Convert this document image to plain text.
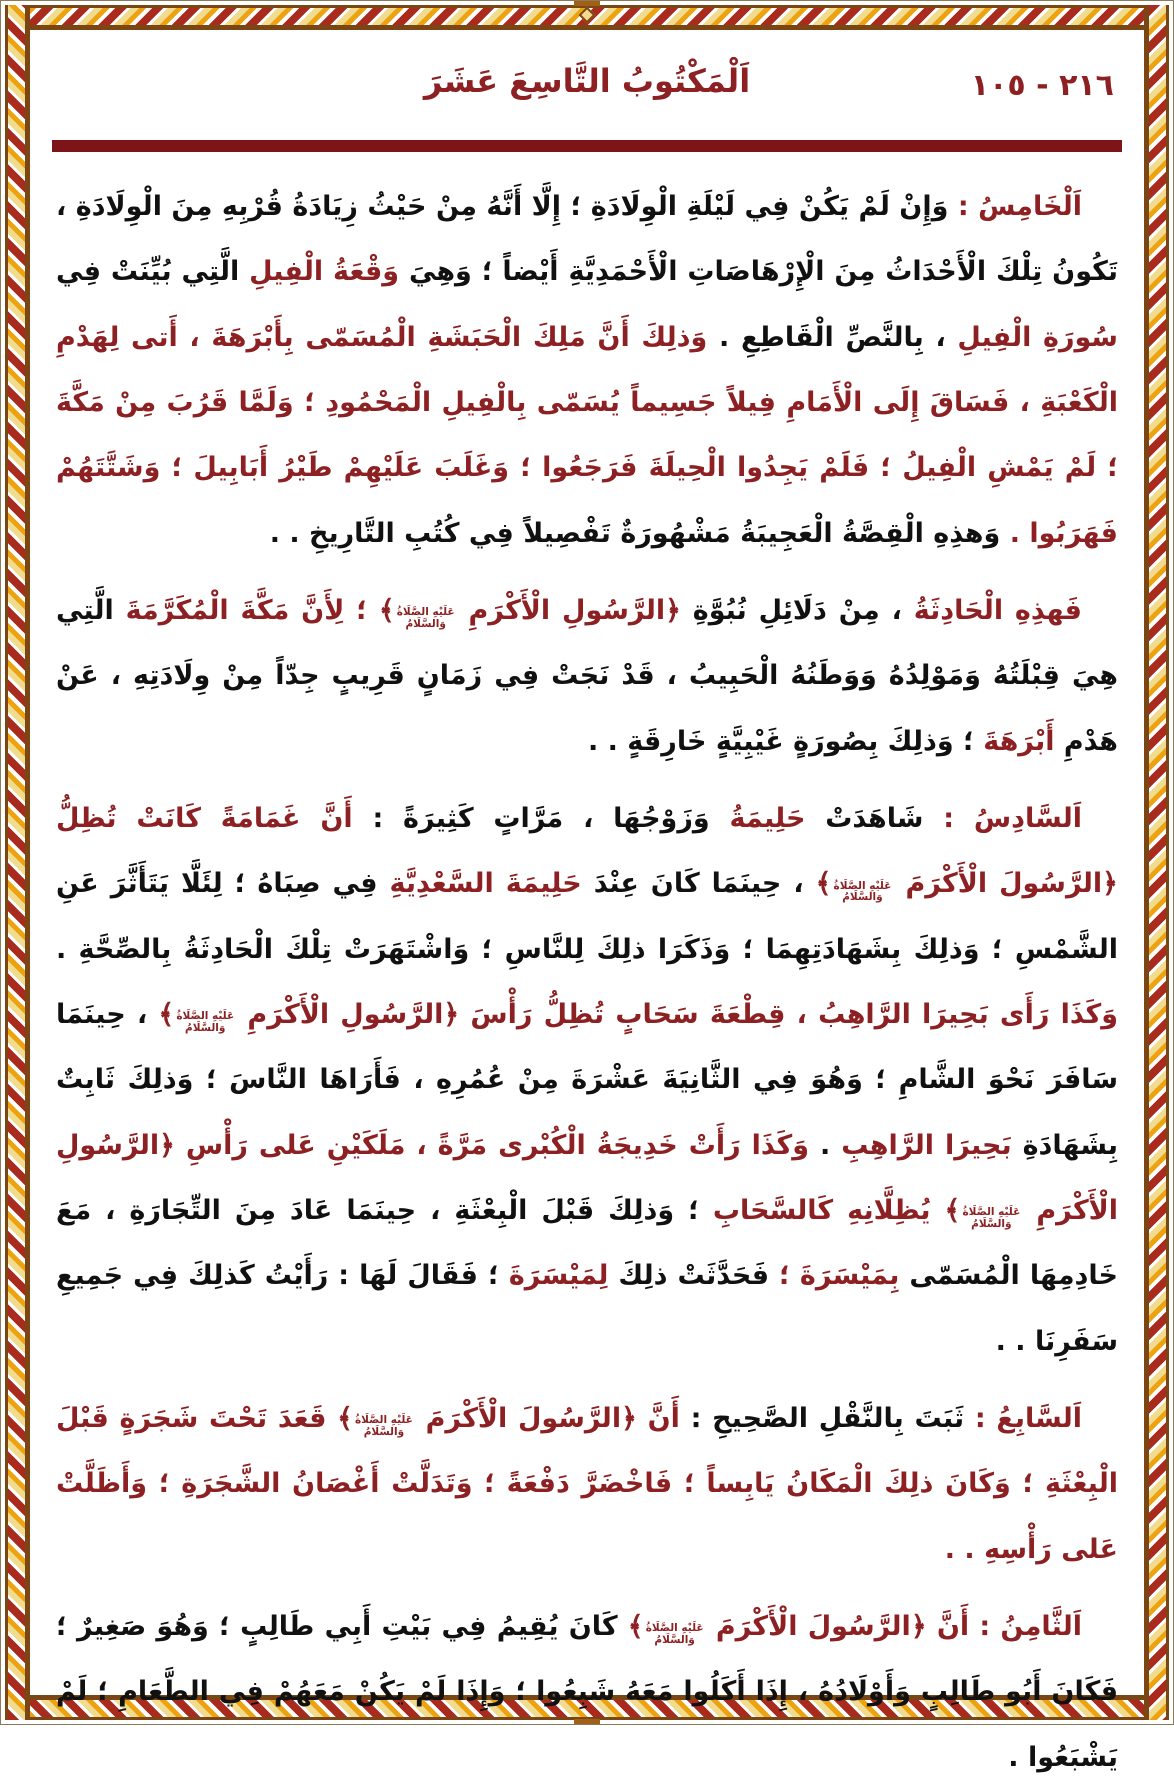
٢١٦ - ١٠٥
اَلْمَكْتُوبُ التَّاسِعَ عَشَرَ

اَلْخَامِسُ : وَإِنْ لَمْ يَكُنْ فِي لَيْلَةِ الْوِلَادَةِ ؛ إِلَّا أَنَّهُ مِنْ حَيْثُ زِيَادَةُ قُرْبِهِ مِنَ الْوِلَادَةِ ، تَكُونُ تِلْكَ الْأَحْدَاثُ مِنَ الْإِرْهَاصَاتِ الْأَحْمَدِيَّةِ أَيْضاً ؛ وَهِيَ وَقْعَةُ الْفِيلِ الَّتِي بُيِّنَتْ فِي سُورَةِ الْفِيلِ ، بِالنَّصِّ الْقَاطِعِ . وَذلِكَ أَنَّ مَلِكَ الْحَبَشَةِ الْمُسَمّى بِأَبْرَهَةَ ، أَتى لِهَدْمِ الْكَعْبَةِ ، فَسَاقَ إِلَى الْأَمَامِ فِيلاً جَسِيماً يُسَمّى بِالْفِيلِ الْمَحْمُودِ ؛ وَلَمَّا قَرُبَ مِنْ مَكَّةَ ؛ لَمْ يَمْشِ الْفِيلُ ؛ فَلَمْ يَجِدُوا الْحِيلَةَ فَرَجَعُوا ؛ وَغَلَبَ عَلَيْهِمْ طَيْرُ أَبَابِيلَ ؛ وَشَتَّتَهُمْ فَهَرَبُوا . وَهذِهِ الْقِصَّةُ الْعَجِيبَةُ مَشْهُورَةٌ تَفْصِيلاً فِي كُتُبِ التَّارِيخِ . .

فَهذِهِ الْحَادِثَةُ ، مِنْ دَلَائِلِ نُبُوَّةِ ﴿الرَّسُولِ الْأَكْرَمِ عَلَيْهِ الصَّلَاةُ وَالسَّلَامُ﴾ ؛ لِأَنَّ مَكَّةَ الْمُكَرَّمَةَ الَّتِي هِيَ قِبْلَتُهُ وَمَوْلِدُهُ وَوَطَنُهُ الْحَبِيبُ ، قَدْ نَجَتْ فِي زَمَانٍ قَرِيبٍ جِدّاً مِنْ وِلَادَتِهِ ، عَنْ هَدْمِ أَبْرَهَةَ ؛ وَذلِكَ بِصُورَةٍ غَيْبِيَّةٍ خَارِقَةٍ . .

اَلسَّادِسُ : شَاهَدَتْ حَلِيمَةُ وَزَوْجُهَا ، مَرَّاتٍ كَثِيرَةً : أَنَّ غَمَامَةً كَانَتْ تُظِلُّ ﴿الرَّسُولَ الْأَكْرَمَ عَلَيْهِ الصَّلَاةُ وَالسَّلَامُ﴾ ، حِينَمَا كَانَ عِنْدَ حَلِيمَةَ السَّعْدِيَّةِ فِي صِبَاهُ ؛ لِئَلَّا يَتَأَثَّرَ عَنِ الشَّمْسِ ؛ وَذلِكَ بِشَهَادَتِهِمَا ؛ وَذَكَرَا ذلِكَ لِلنَّاسِ ؛ وَاشْتَهَرَتْ تِلْكَ الْحَادِثَةُ بِالصِّحَّةِ . وَكَذَا رَأَى بَحِيرَا الرَّاهِبُ ، قِطْعَةَ سَحَابٍ تُظِلُّ رَأْسَ ﴿الرَّسُولِ الْأَكْرَمِ عَلَيْهِ الصَّلَاةُ وَالسَّلَامُ﴾ ، حِينَمَا سَافَرَ نَحْوَ الشَّامِ ؛ وَهُوَ فِي الثَّانِيَةَ عَشْرَةَ مِنْ عُمُرِهِ ، فَأَرَاهَا النَّاسَ ؛ وَذلِكَ ثَابِتٌ بِشَهَادَةِ بَحِيرَا الرَّاهِبِ . وَكَذَا رَأَتْ خَدِيجَةُ الْكُبْرى مَرَّةً ، مَلَكَيْنِ عَلى رَأْسِ ﴿الرَّسُولِ الْأَكْرَمِ عَلَيْهِ الصَّلَاةُ وَالسَّلَامُ﴾ يُظِلَّانِهِ كَالسَّحَابِ ؛ وَذلِكَ قَبْلَ الْبِعْثَةِ ، حِينَمَا عَادَ مِنَ التِّجَارَةِ ، مَعَ خَادِمِهَا الْمُسَمّى بِمَيْسَرَةَ ؛ فَحَدَّثَتْ ذلِكَ لِمَيْسَرَةَ ؛ فَقَالَ لَهَا : رَأَيْتُ كَذلِكَ فِي جَمِيعِ سَفَرِنَا . .

اَلسَّابِعُ : ثَبَتَ بِالنَّقْلِ الصَّحِيحِ : أَنَّ ﴿الرَّسُولَ الْأَكْرَمَ عَلَيْهِ الصَّلَاةُ وَالسَّلَامُ﴾ قَعَدَ تَحْتَ شَجَرَةٍ قَبْلَ الْبِعْثَةِ ؛ وَكَانَ ذلِكَ الْمَكَانُ يَابِساً ؛ فَاخْضَرَّ دَفْعَةً ؛ وَتَدَلَّتْ أَغْصَانُ الشَّجَرَةِ ؛ وَأَظَلَّتْ عَلى رَأْسِهِ . .

اَلثَّامِنُ : أَنَّ ﴿الرَّسُولَ الْأَكْرَمَ عَلَيْهِ الصَّلَاةُ وَالسَّلَامُ﴾ كَانَ يُقِيمُ فِي بَيْتِ أَبِي طَالِبٍ ؛ وَهُوَ صَغِيرٌ ؛ فَكَانَ أَبُو طَالِبٍ وَأَوْلَادُهُ ، إِذَا أَكَلُوا مَعَهُ شَبِعُوا ؛ وَإِذَا لَمْ يَكُنْ مَعَهُمْ فِي الطَّعَامِ ؛ لَمْ يَشْبَعُوا .
